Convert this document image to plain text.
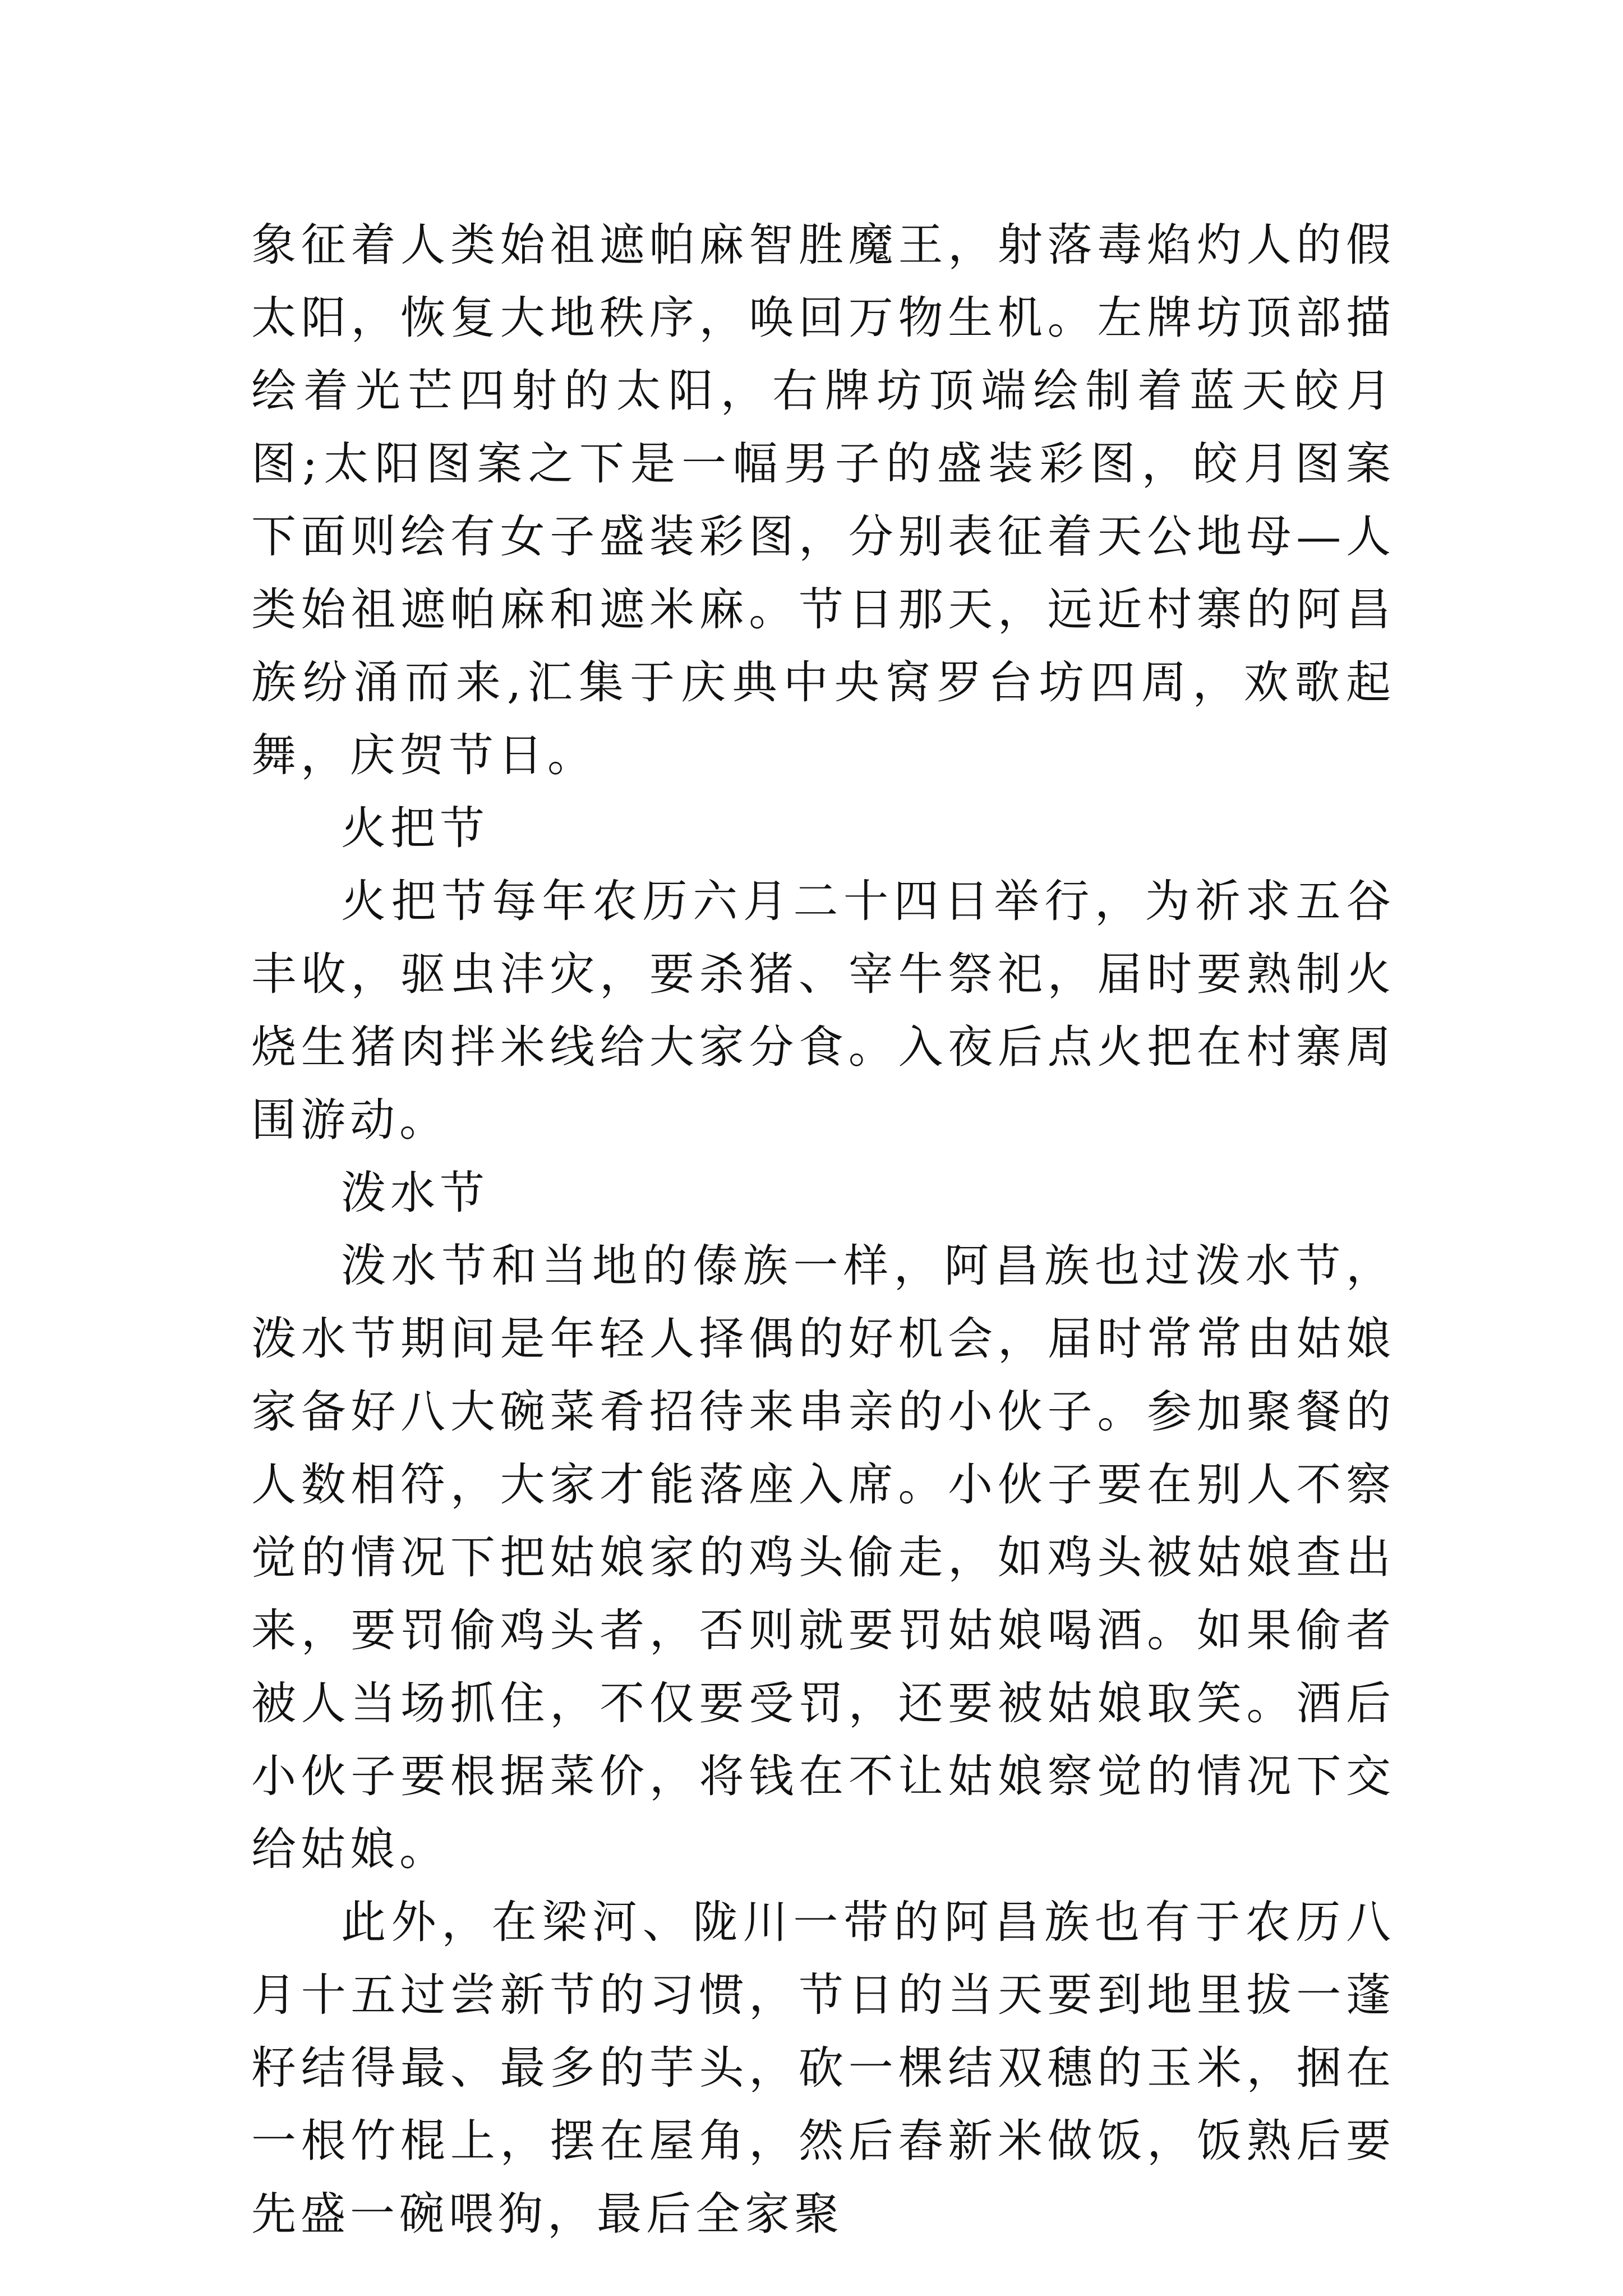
象征着人类始祖遮帕麻智胜魔王，射落毒焰灼人的假太阳，恢复大地秩序，唤回万物生机。左牌坊顶部描绘着光芒四射的太阳，右牌坊顶端绘制着蓝天皎月图;太阳图案之下是一幅男子的盛装彩图，皎月图案下面则绘有女子盛装彩图，分别表征着天公地母—人类始祖遮帕麻和遮米麻。节日那天，远近村寨的阿昌族纷涌而来,汇集于庆典中央窝罗台坊四周，欢歌起舞，庆贺节日。

火把节

火把节每年农历六月二十四日举行，为祈求五谷丰收，驱虫沣灾，要杀猪、宰牛祭祀，届时要熟制火烧生猪肉拌米线给大家分食。入夜后点火把在村寨周围游动。

泼水节

泼水节和当地的傣族一样，阿昌族也过泼水节，泼水节期间是年轻人择偶的好机会，届时常常由姑娘家备好八大碗菜肴招待来串亲的小伙子。参加聚餐的人数相符，大家才能落座入席。小伙子要在别人不察觉的情况下把姑娘家的鸡头偷走，如鸡头被姑娘查出来，要罚偷鸡头者，否则就要罚姑娘喝酒。如果偷者被人当场抓住，不仅要受罚，还要被姑娘取笑。酒后小伙子要根据菜价，将钱在不让姑娘察觉的情况下交给姑娘。

此外，在梁河、陇川一带的阿昌族也有于农历八月十五过尝新节的习惯，节日的当天要到地里拔一蓬籽结得最、最多的芋头，砍一棵结双穗的玉米，捆在一根竹棍上，摆在屋角，然后舂新米做饭，饭熟后要先盛一碗喂狗，最后全家聚
